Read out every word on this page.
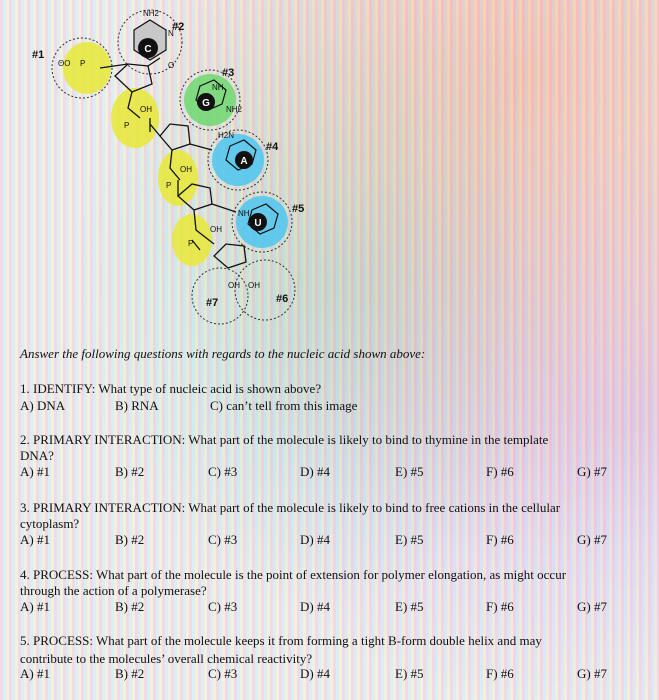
C
G
A
U
NH2
N
O
ΘO P
NH2
NH
H2N
NH
OH
OH
OH
OH OH
P
P
P
#1
#2
#3
#4
#5
#6
#7
Answer the following questions with regards to the nucleic acid shown above:
1. IDENTIFY: What type of nucleic acid is shown above?
A) DNA	B) RNA	C) can’t tell from this image
2. PRIMARY INTERACTION: What part of the molecule is likely to bind to thymine in the template
DNA?
A) #1	B) #2	C) #3	D) #4	E) #5	F) #6	G) #7
3. PRIMARY INTERACTION: What part of the molecule is likely to bind to free cations in the cellular
cytoplasm?
A) #1	B) #2	C) #3	D) #4	E) #5	F) #6	G) #7
4. PROCESS: What part of the molecule is the point of extension for polymer elongation, as might occur
through the action of a polymerase?
A) #1	B) #2	C) #3	D) #4	E) #5	F) #6	G) #7
5. PROCESS: What part of the molecule keeps it from forming a tight B-form double helix and may
contribute to the molecules’ overall chemical reactivity?
A) #1	B) #2	C) #3	D) #4	E) #5	F) #6	G) #7
